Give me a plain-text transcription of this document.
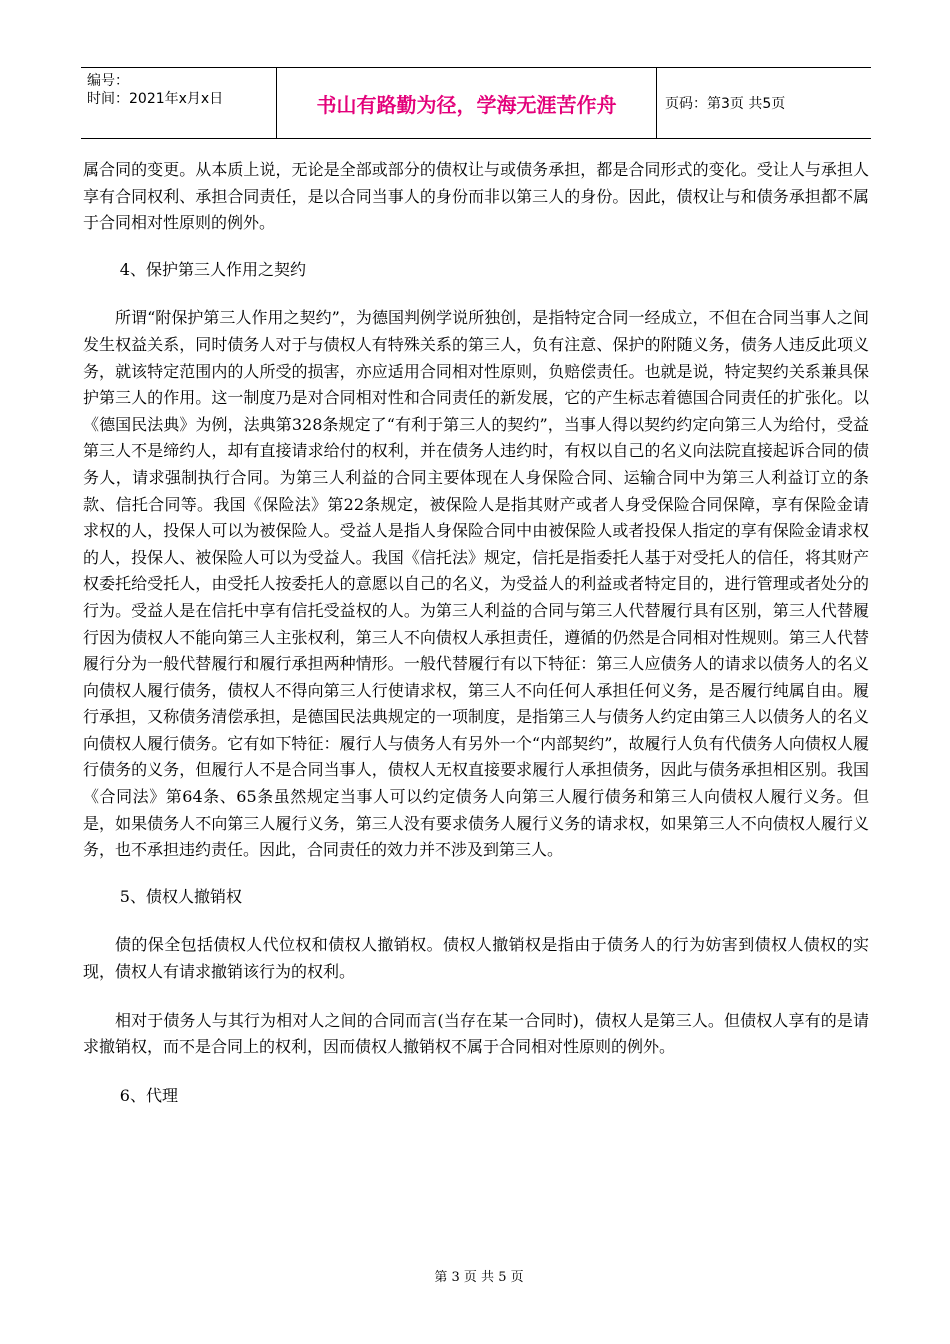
编号：
时间：2021年x月x日	书山有路勤为径，学海无涯苦作舟	页码：第3页 共5页

属合同的变更。从本质上说，无论是全部或部分的债权让与或债务承担，都是合同形式的变化。受让人与承担人享有合同权利、承担合同责任，是以合同当事人的身份而非以第三人的身份。因此，债权让与和债务承担都不属于合同相对性原则的例外。

4、保护第三人作用之契约

所谓“附保护第三人作用之契约”，为德国判例学说所独创，是指特定合同一经成立，不但在合同当事人之间发生权益关系，同时债务人对于与债权人有特殊关系的第三人，负有注意、保护的附随义务，债务人违反此项义务，就该特定范围内的人所受的损害，亦应适用合同相对性原则，负赔偿责任。也就是说，特定契约关系兼具保护第三人的作用。这一制度乃是对合同相对性和合同责任的新发展，它的产生标志着德国合同责任的扩张化。以《德国民法典》为例，法典第328条规定了“有利于第三人的契约”，当事人得以契约约定向第三人为给付，受益第三人不是缔约人，却有直接请求给付的权利，并在债务人违约时，有权以自己的名义向法院直接起诉合同的债务人，请求强制执行合同。为第三人利益的合同主要体现在人身保险合同、运输合同中为第三人利益订立的条款、信托合同等。我国《保险法》第22条规定，被保险人是指其财产或者人身受保险合同保障，享有保险金请求权的人，投保人可以为被保险人。受益人是指人身保险合同中由被保险人或者投保人指定的享有保险金请求权的人，投保人、被保险人可以为受益人。我国《信托法》规定，信托是指委托人基于对受托人的信任，将其财产权委托给受托人，由受托人按委托人的意愿以自己的名义，为受益人的利益或者特定目的，进行管理或者处分的行为。受益人是在信托中享有信托受益权的人。为第三人利益的合同与第三人代替履行具有区别，第三人代替履行因为债权人不能向第三人主张权利，第三人不向债权人承担责任，遵循的仍然是合同相对性规则。第三人代替履行分为一般代替履行和履行承担两种情形。一般代替履行有以下特征：第三人应债务人的请求以债务人的名义向债权人履行债务，债权人不得向第三人行使请求权，第三人不向任何人承担任何义务，是否履行纯属自由。履行承担，又称债务清偿承担，是德国民法典规定的一项制度，是指第三人与债务人约定由第三人以债务人的名义向债权人履行债务。它有如下特征：履行人与债务人有另外一个“内部契约”，故履行人负有代债务人向债权人履行债务的义务，但履行人不是合同当事人，债权人无权直接要求履行人承担债务，因此与债务承担相区别。我国《合同法》第64条、65条虽然规定当事人可以约定债务人向第三人履行债务和第三人向债权人履行义务。但是，如果债务人不向第三人履行义务，第三人没有要求债务人履行义务的请求权，如果第三人不向债权人履行义务，也不承担违约责任。因此，合同责任的效力并不涉及到第三人。

5、债权人撤销权

债的保全包括债权人代位权和债权人撤销权。债权人撤销权是指由于债务人的行为妨害到债权人债权的实现，债权人有请求撤销该行为的权利。

相对于债务人与其行为相对人之间的合同而言(当存在某一合同时)，债权人是第三人。但债权人享有的是请求撤销权，而不是合同上的权利，因而债权人撤销权不属于合同相对性原则的例外。

6、代理

第 3 页 共 5 页
